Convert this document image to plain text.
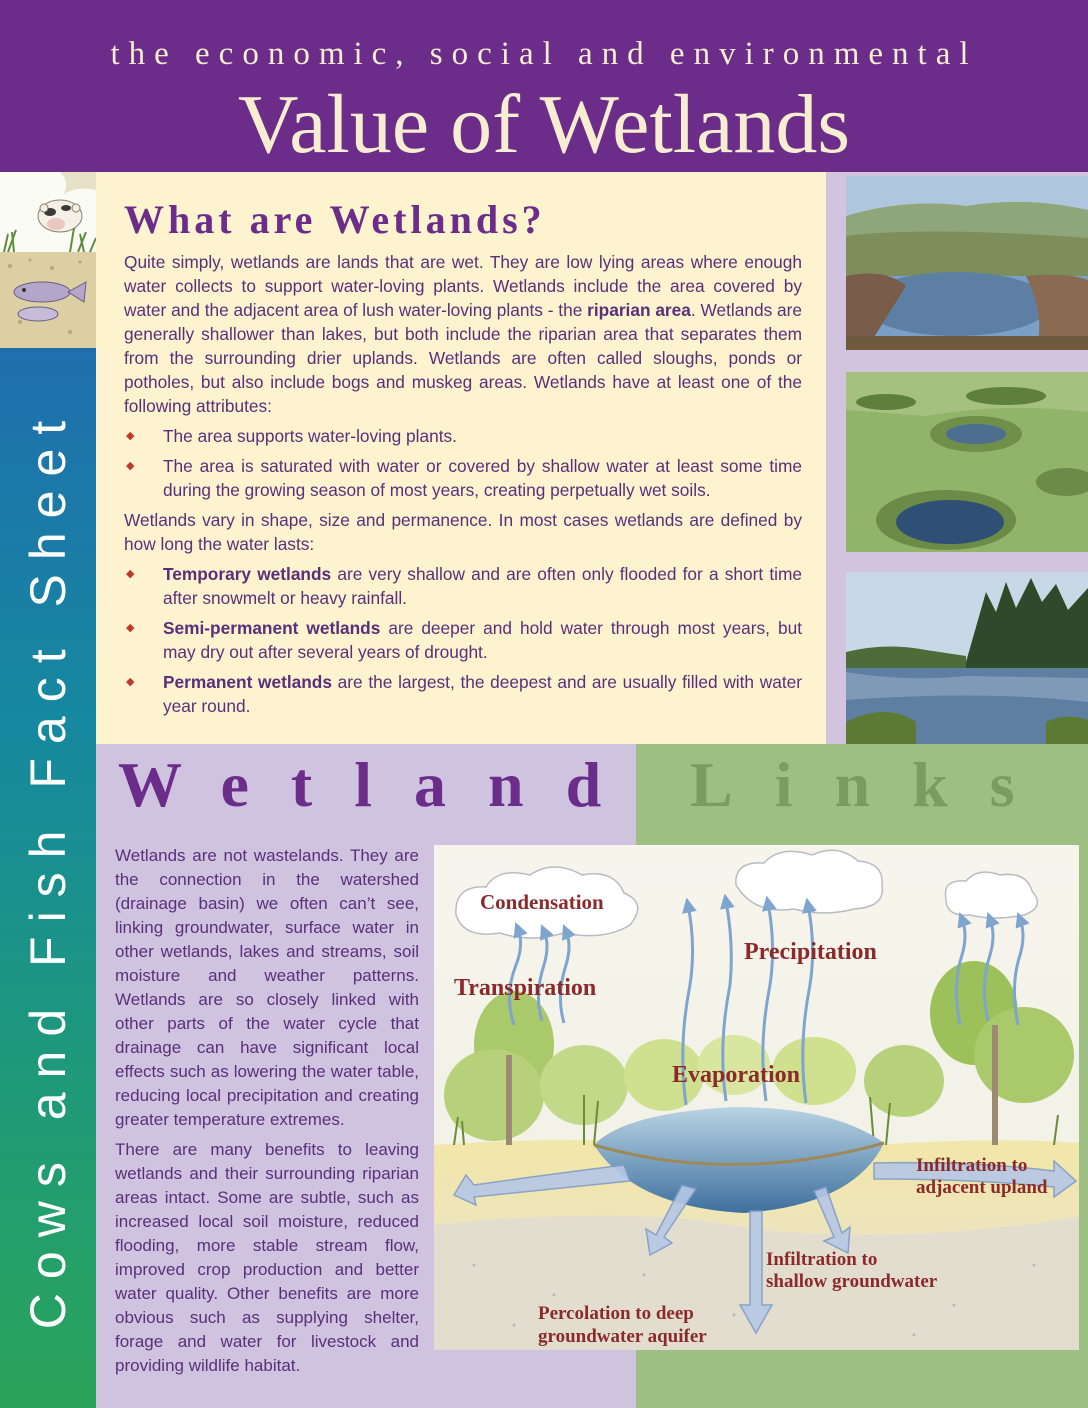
the economic, social and environmental
Value of Wetlands
Cows and Fish Fact Sheet
What are Wetlands?

Quite simply, wetlands are lands that are wet. They are low lying areas where enough water collects to support water-loving plants. Wetlands include the area covered by water and the adjacent area of lush water-loving plants - the riparian area. Wetlands are generally shallower than lakes, but both include the riparian area that separates them from the surrounding drier uplands. Wetlands are often called sloughs, ponds or potholes, but also include bogs and muskeg areas. Wetlands have at least one of the following attributes:

◆ The area supports water-loving plants.
◆ The area is saturated with water or covered by shallow water at least some time during the growing season of most years, creating perpetually wet soils.

Wetlands vary in shape, size and permanence. In most cases wetlands are defined by how long the water lasts:

◆ Temporary wetlands are very shallow and are often only flooded for a short time after snowmelt or heavy rainfall.
◆ Semi-permanent wetlands are deeper and hold water through most years, but may dry out after several years of drought.
◆ Permanent wetlands are the largest, the deepest and are usually filled with water year round.
Wetland Links

Wetlands are not wastelands. They are the connection in the watershed (drainage basin) we often can’t see, linking groundwater, surface water in other wetlands, lakes and streams, soil moisture and weather patterns. Wetlands are so closely linked with other parts of the water cycle that drainage can have significant local effects such as lowering the water table, reducing local precipitation and creating greater temperature extremes.

There are many benefits to leaving wetlands and their surrounding riparian areas intact. Some are subtle, such as increased local soil moisture, reduced flooding, more stable stream flow, improved crop production and better water quality. Other benefits are more obvious such as supplying shelter, forage and water for livestock and providing wildlife habitat.

Condensation
Precipitation
Transpiration
Evaporation
Infiltration to
adjacent upland
Infiltration to
shallow groundwater
Percolation to deep
groundwater aquifer
